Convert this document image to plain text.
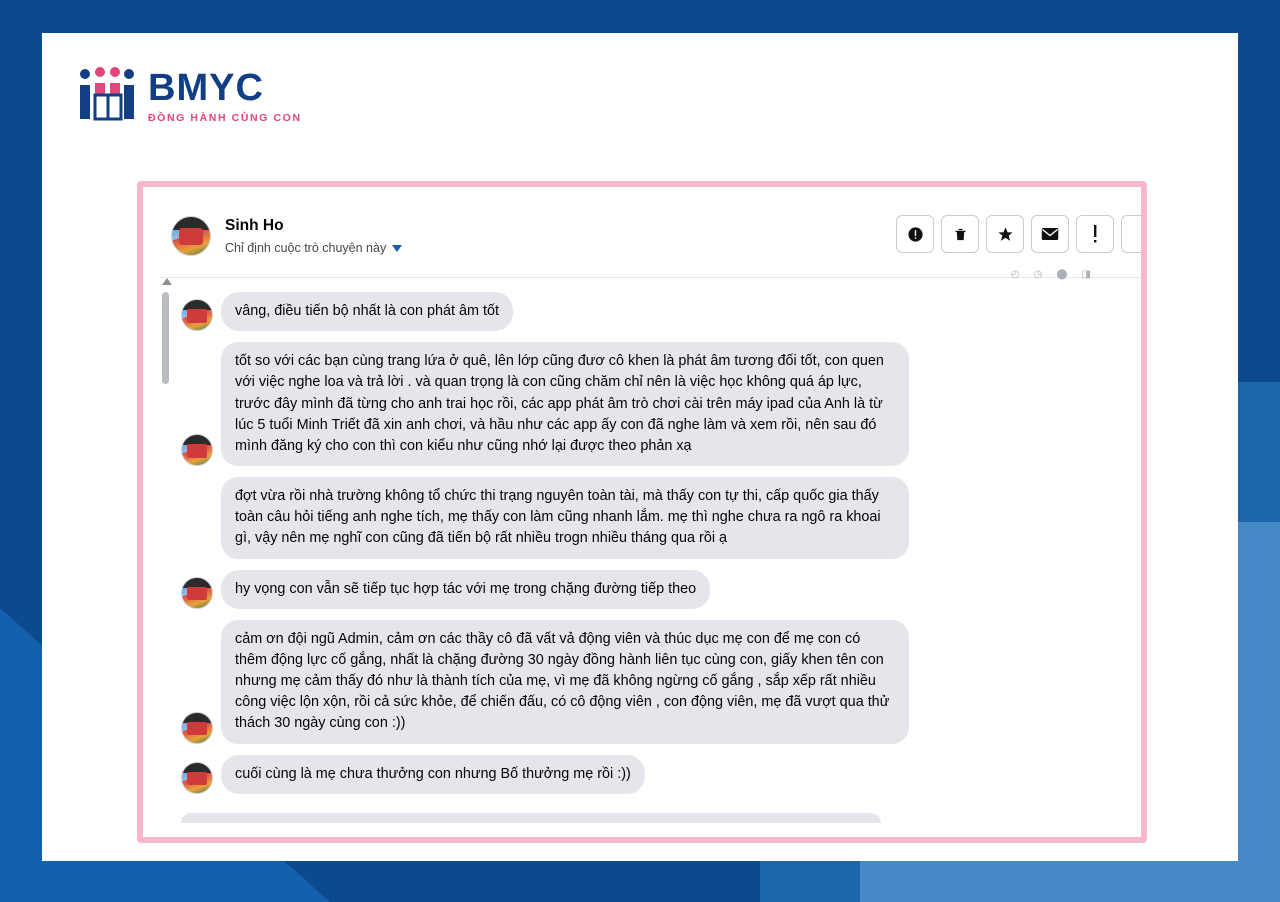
BMYC
ĐỒNG HÀNH CÙNG CON
Sinh Ho
Chỉ định cuộc trò chuyện này
◴ ◷ ⬤ ◨
vâng, điều tiến bộ nhất là con phát âm tốt
tốt so với các bạn cùng trang lứa ở quê, lên lớp cũng đươ cô khen là phát âm tương đối tốt, con quen với việc nghe loa và trả lời . và quan trọng là con cũng chăm chỉ nên là việc học không quá áp lực, trước đây mình đã từng cho anh trai học rồi, các app phát âm trò chơi cài trên máy ipad của Anh là từ lúc 5 tuổi Minh Triết đã xin anh chơi, và hầu như các app ấy con đã nghe làm và xem rồi, nên sau đó mình đăng ký cho con thì con kiểu như cũng nhớ lại được theo phản xạ
đợt vừa rồi nhà trường không tổ chức thi trạng nguyên toàn tài, mà thấy con tự thi, cấp quốc gia thấy toàn câu hỏi tiếng anh nghe tích, mẹ thấy con làm cũng nhanh lắm. mẹ thì nghe chưa ra ngô ra khoai gì, vậy nên mẹ nghĩ con cũng đã tiến bộ rất nhiều trogn nhiều tháng qua rồi ạ
hy vọng con vẫn sẽ tiếp tục hợp tác với mẹ trong chặng đường tiếp theo
cảm ơn đội ngũ Admin, cảm ơn các thầy cô đã vất vả động viên và thúc dục mẹ con để mẹ con có thêm động lực cố gắng, nhất là chặng đường 30 ngày đồng hành liên tục cùng con, giấy khen tên con nhưng mẹ cảm thấy đó như là thành tích của mẹ, vì mẹ đã không ngừng cố gắng , sắp xếp rất nhiều công việc lộn xộn, rồi cả sức khỏe, để chiến đấu, có cô động viên , con động viên, mẹ đã vượt qua thử thách 30 ngày cùng con :))
cuối cùng là mẹ chưa thưởng con nhưng Bố thưởng mẹ rồi :))
